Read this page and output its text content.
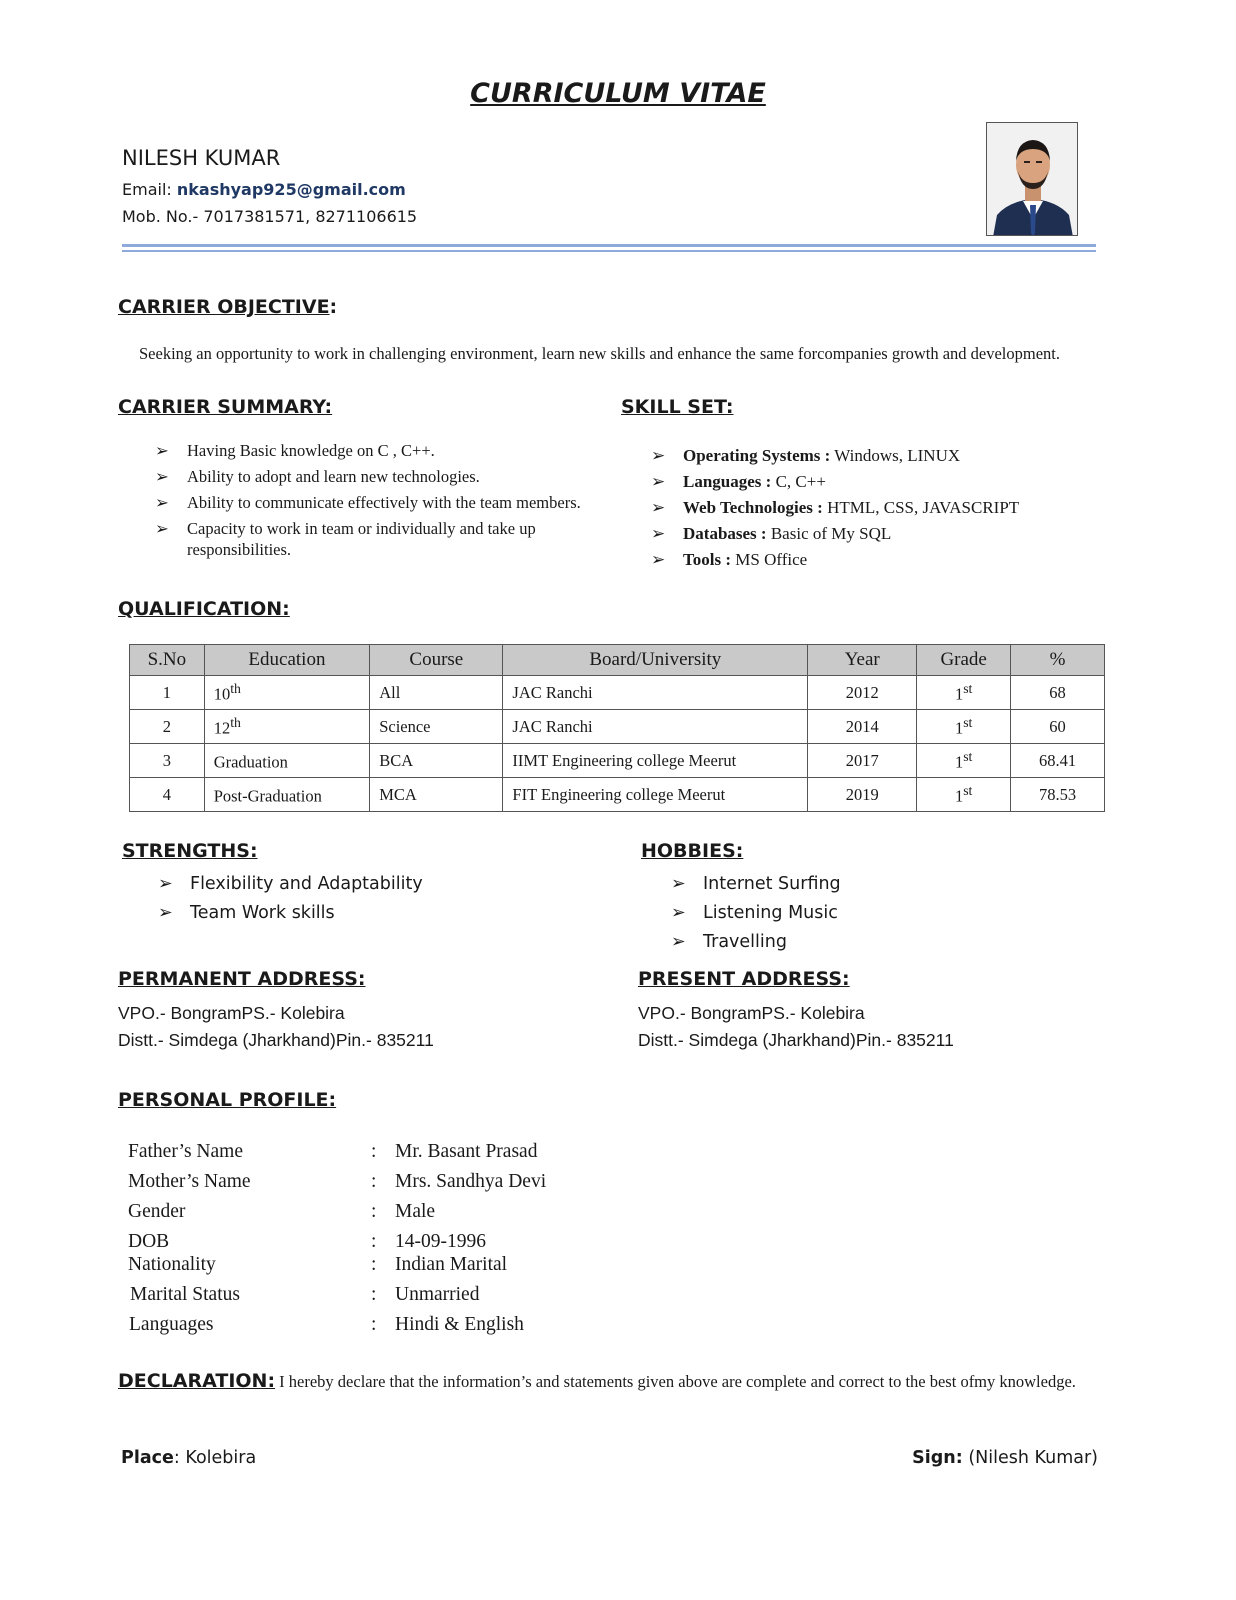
CURRICULUM VITAE
NILESH KUMAR
Email: nkashyap925@gmail.com
Mob. No.- 7017381571, 8271106615
CARRIER OBJECTIVE:
Seeking an opportunity to work in challenging environment, learn new skills and enhance the same forcompanies growth and development.
CARRIER SUMMARY:
➢ Having Basic knowledge on C , C++.
➢ Ability to adopt and learn new technologies.
➢ Ability to communicate effectively with the team members.
➢ Capacity to work in team or individually and take up responsibilities.
SKILL SET:
➢ Operating Systems : Windows, LINUX
➢ Languages : C, C++
➢ Web Technologies : HTML, CSS, JAVASCRIPT
➢ Databases : Basic of My SQL
➢ Tools : MS Office
QUALIFICATION:
S.No	Education	Course	Board/University	Year	Grade	%
1	10th	All	JAC Ranchi	2012	1st	68
2	12th	Science	JAC Ranchi	2014	1st	60
3	Graduation	BCA	IIMT Engineering college Meerut	2017	1st	68.41
4	Post-Graduation	MCA	FIT Engineering college Meerut	2019	1st	78.53
STRENGTHS:
➢ Flexibility and Adaptability
➢ Team Work skills
HOBBIES:
➢ Internet Surfing
➢ Listening Music
➢ Travelling
PERMANENT ADDRESS:
VPO.- BongramPS.- Kolebira
Distt.- Simdega (Jharkhand)Pin.- 835211
PRESENT ADDRESS:
VPO.- BongramPS.- Kolebira
Distt.- Simdega (Jharkhand)Pin.- 835211
PERSONAL PROFILE:
Father’s Name	: Mr. Basant Prasad
Mother’s Name	: Mrs. Sandhya Devi
Gender	: Male
DOB	: 14-09-1996
Nationality	: Indian Marital
Marital Status	: Unmarried
Languages	: Hindi & English
DECLARATION: I hereby declare that the information’s and statements given above are complete and correct to the best ofmy knowledge.
Place: Kolebira	Sign: (Nilesh Kumar)
